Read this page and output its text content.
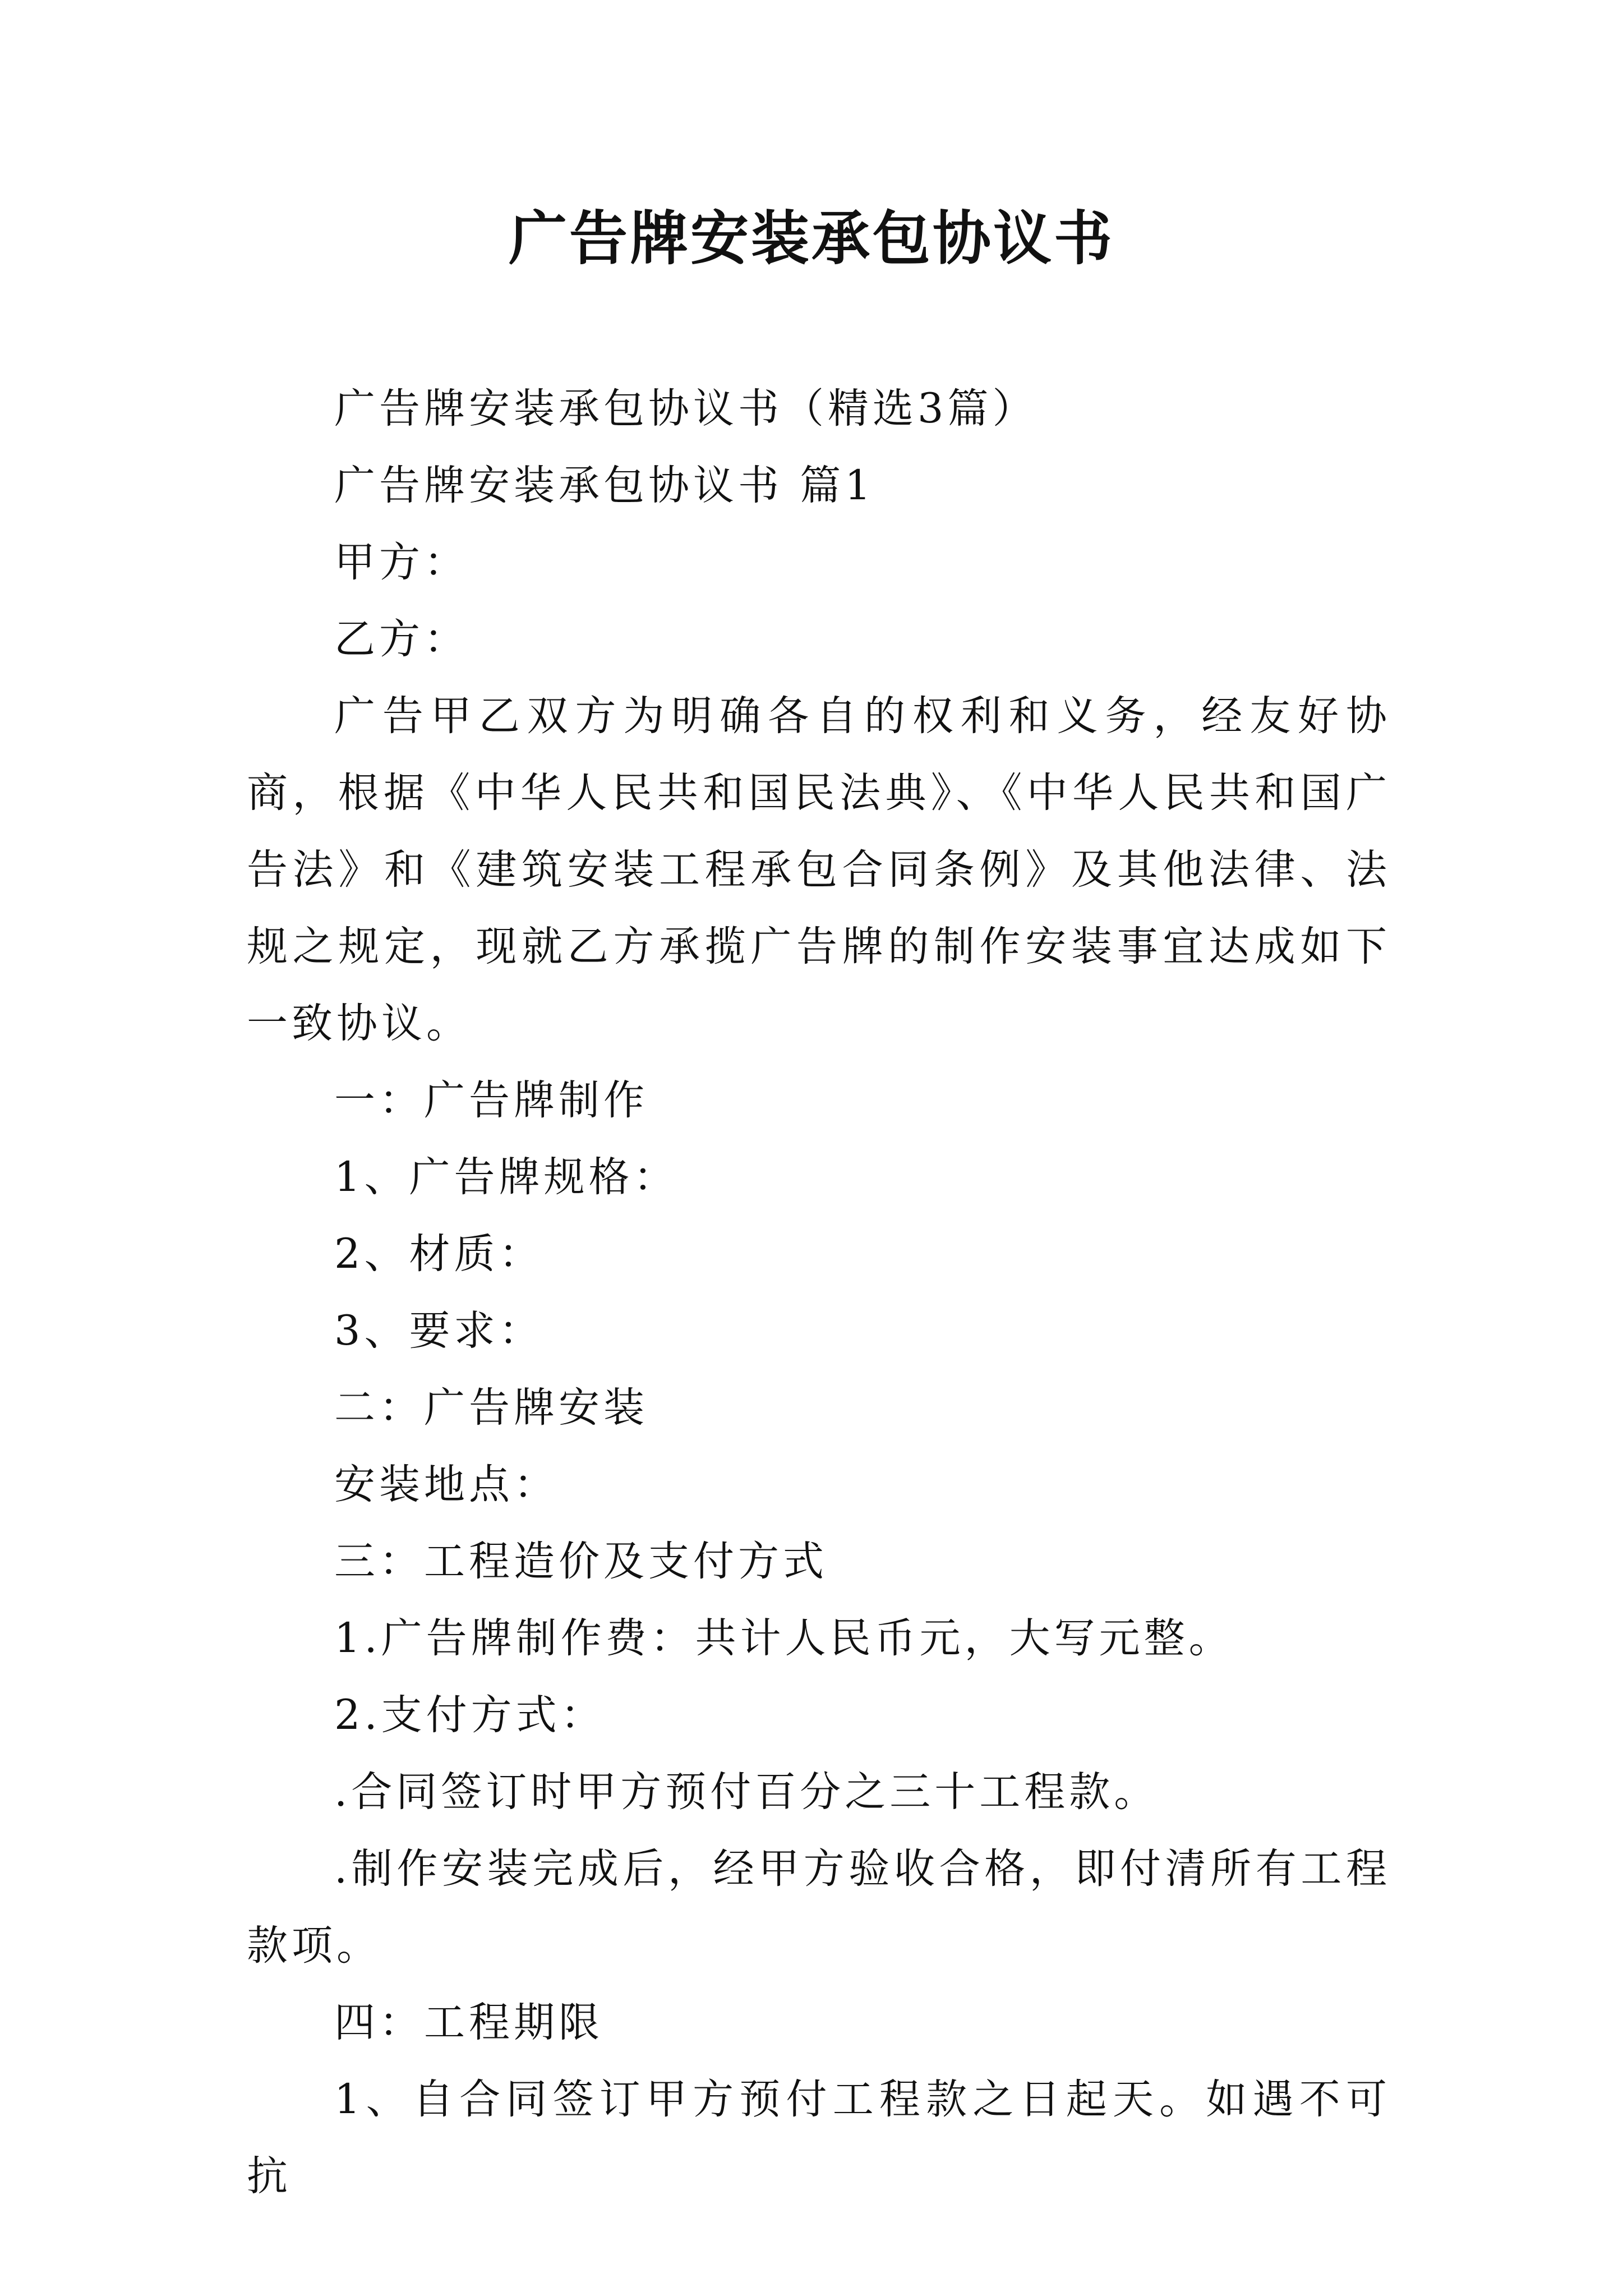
广告牌安装承包协议书

广告牌安装承包协议书（精选3篇）

广告牌安装承包协议书 篇1

甲方：

乙方：

广告甲乙双方为明确各自的权利和义务，经友好协商，根据《中华人民共和国民法典》、《中华人民共和国广告法》和《建筑安装工程承包合同条例》及其他法律、法规之规定，现就乙方承揽广告牌的制作安装事宜达成如下一致协议。

一：广告牌制作

1、广告牌规格：

2、材质：

3、要求：

二：广告牌安装

安装地点：

三：工程造价及支付方式

1.广告牌制作费：共计人民币元，大写元整。

2.支付方式：

.合同签订时甲方预付百分之三十工程款。

.制作安装完成后，经甲方验收合格，即付清所有工程款项。

四：工程期限

1、自合同签订甲方预付工程款之日起天。如遇不可抗
